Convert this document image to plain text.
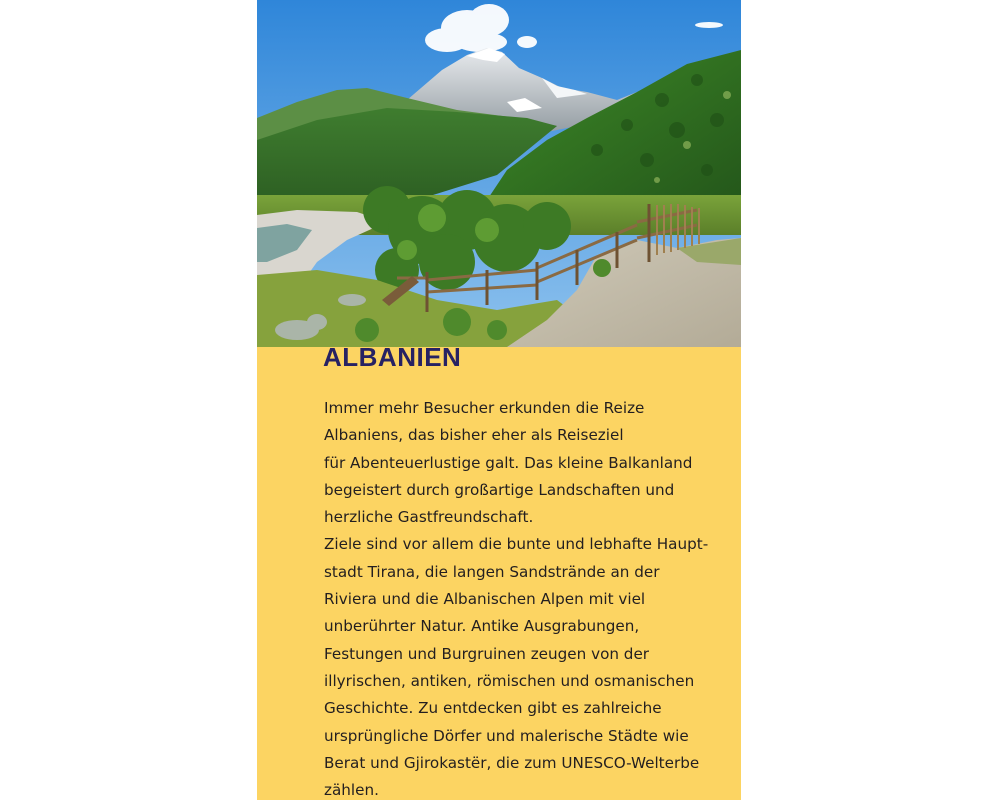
ALBANIEN

Immer mehr Besucher erkunden die Reize
Albaniens, das bisher eher als Reiseziel
für Abenteuerlustige galt. Das kleine Balkanland
begeistert durch großartige Landschaften und
herzliche Gastfreundschaft.
Ziele sind vor allem die bunte und lebhafte Haupt-
stadt Tirana, die langen Sandstrände an der
Riviera und die Albanischen Alpen mit viel
unberührter Natur. Antike Ausgrabungen,
Festungen und Burgruinen zeugen von der
illyrischen, antiken, römischen und osmanischen
Geschichte. Zu entdecken gibt es zahlreiche
ursprüngliche Dörfer und malerische Städte wie
Berat und Gjirokastër, die zum UNESCO-Welterbe
zählen.
